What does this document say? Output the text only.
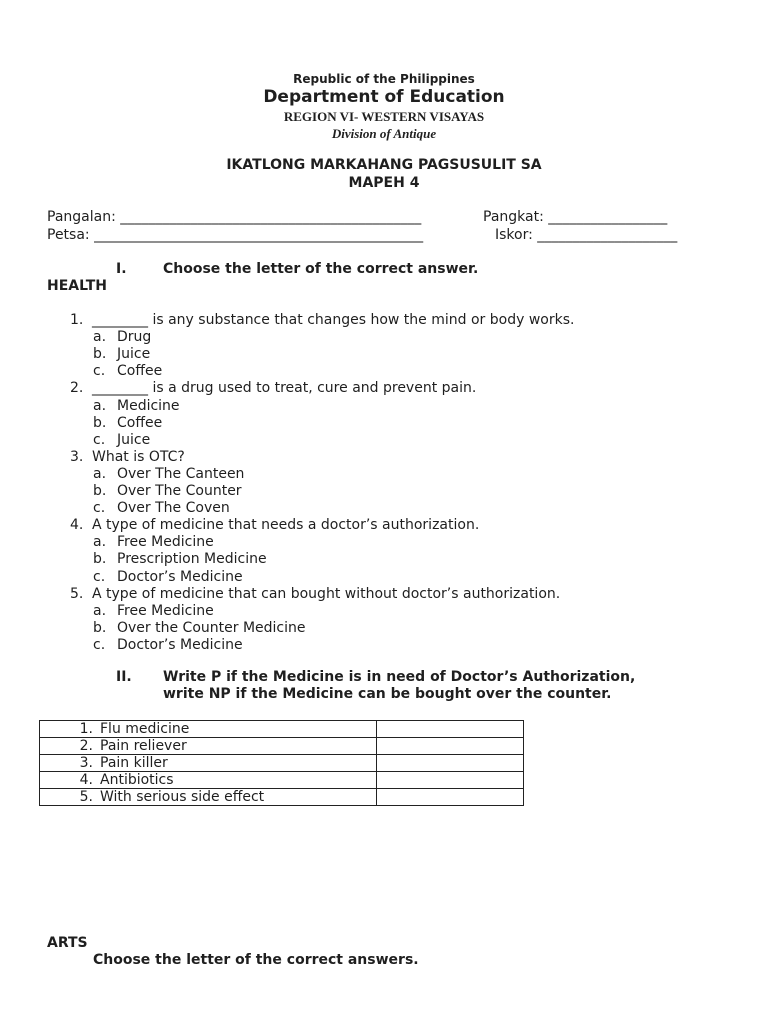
Republic of the Philippines
Department of Education
REGION VI- WESTERN VISAYAS
Division of Antique
IKATLONG MARKAHANG PAGSUSULIT SA
MAPEH 4
Pangalan: ___________________________________________	Pangkat: _________________
Petsa: _______________________________________________	Iskor: ____________________
I.	Choose the letter of the correct answer.
HEALTH
1. ________ is any substance that changes how the mind or body works.
a. Drug
b. Juice
c. Coffee
2. ________ is a drug used to treat, cure and prevent pain.
a. Medicine
b. Coffee
c. Juice
3. What is OTC?
a. Over The Canteen
b. Over The Counter
c. Over The Coven
4. A type of medicine that needs a doctor’s authorization.
a. Free Medicine
b. Prescription Medicine
c. Doctor’s Medicine
5. A type of medicine that can bought without doctor’s authorization.
a. Free Medicine
b. Over the Counter Medicine
c. Doctor’s Medicine
II. Write P if the Medicine is in need of Doctor’s Authorization,
write NP if the Medicine can be bought over the counter.
1. Flu medicine	
2. Pain reliever	
3. Pain killer	
4. Antibiotics	
5. With serious side effect	
ARTS
Choose the letter of the correct answers.
